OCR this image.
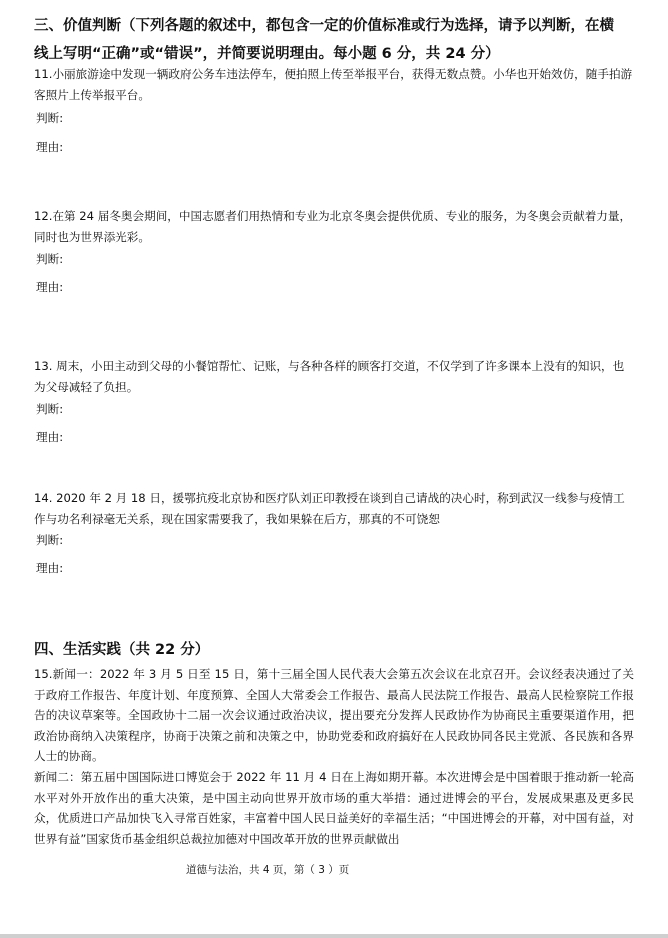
三、价值判断（下列各题的叙述中，都包含一定的价值标准或行为选择，请予以判断，在横
线上写明“正确”或“错误”，并简要说明理由。每小题 6 分，共 24 分）
11.小丽旅游途中发现一辆政府公务车违法停车，便拍照上传至举报平台，获得无数点赞。小华也开始效仿，随手拍游客照片上传举报平台。
判断:
理由:
12.在第 24 届冬奥会期间，中国志愿者们用热情和专业为北京冬奥会提供优质、专业的服务，为冬奥会贡献着力量，同时也为世界添光彩。
判断:
理由:
13. 周末，小田主动到父母的小餐馆帮忙、记账，与各种各样的顾客打交道，不仅学到了许多课本上没有的知识，也为父母减轻了负担。
判断:
理由:
14. 2020 年 2 月 18 日，援鄂抗疫北京协和医疗队刘正印教授在谈到自己请战的决心时，称到武汉一线参与疫情工作与功名利禄毫无关系，现在国家需要我了，我如果躲在后方，那真的不可饶恕
判断:
理由:
四、生活实践（共 22 分）
15.新闻一：2022 年 3 月 5 日至 15 日，第十三届全国人民代表大会第五次会议在北京召开。会议经表决通过了关于政府工作报告、年度计划、年度预算、全国人大常委会工作报告、最高人民法院工作报告、最高人民检察院工作报告的决议草案等。全国政协十二届一次会议通过政治决议，提出要充分发挥人民政协作为协商民主重要渠道作用，把政治协商纳入决策程序，协商于决策之前和决策之中，协助党委和政府搞好在人民政协同各民主党派、各民族和各界人士的协商。
新闻二：第五届中国国际进口博览会于 2022 年 11 月 4 日在上海如期开幕。本次进博会是中国着眼于推动新一轮高水平对外开放作出的重大决策，是中国主动向世界开放市场的重大举措：通过进博会的平台，发展成果惠及更多民众，优质进口产品加快飞入寻常百姓家，丰富着中国人民日益美好的幸福生活；“中国进博会的开幕，对中国有益，对世界有益”国家货币基金组织总裁拉加德对中国改革开放的世界贡献做出
道德与法治，共 4 页，第（ 3 ）页
